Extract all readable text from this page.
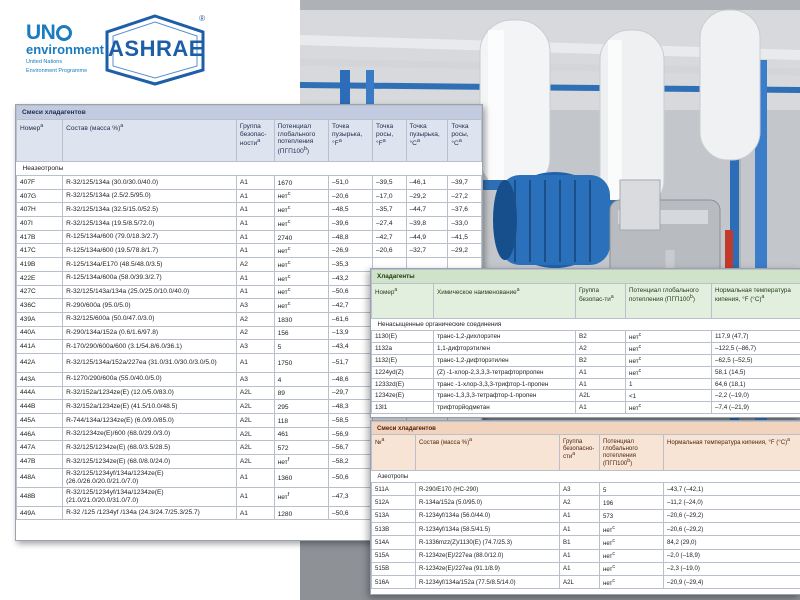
UN
environment
United Nations
Environment Programme
ASHRAE
®
Смеси хладагентов							
Номер$^a$	Состав (масса %)$^a$	Группа безопас-ности$^a$	Потенциал глобального потепления (ПГП100$^b$)	Точка пузырька, $^\circ F^a$	Точка росы, $^\circ F^a$	Точка пузырька, $^\circ C^a$	Точка росы, $^\circ C^a$
Неазеотропы							
407F	R-32/125/134a (30.0/30.0/40.0)	A1	1670	–51,0	–39,5	–46,1	–39,7
407G	R-32/125/134a (2.5/2.5/95.0)	A1	нет$^c$	–20,6	–17,0	–29,2	–27,2
407H	R-32/125/134a (32.5/15.0/52.5)	A1	нет$^c$	–48,5	–35,7	–44,7	–37,6
407I	R-32/125/134a (19.5/8.5/72.0)	A1	нет$^c$	–39,6	–27,4	–39,8	–33,0
417B	R-125/134a/600 (79.0/18.3/2.7)	A1	2740	–48,8	–42,7	–44,9	–41,5
417C	R-125/134a/600 (19.5/78.8/1.7)	A1	нет$^c$	–26,9	–20,6	–32,7	–29,2
419B	R-125/134a/E170 (48.5/48.0/3.5)	A2	нет$^c$	–35,3			
422E	R-125/134a/600a (58.0/39.3/2.7)	A1	нет$^c$	–43,2			
427C	R-32/125/143a/134a (25.0/25.0/10.0/40.0)	A1	нет$^c$	–50,6			
436C	R-290/600a (95.0/5.0)	A3	нет$^c$	–42,7			
439A	R-32/125/600a (50.0/47.0/3.0)	A2	1830	–61,6			
440A	R-290/134a/152a (0.6/1.6/97.8)	A2	156	–13,9			
441A	R-170/290/600a/600 (3.1/54.8/6.0/36.1)	A3	5	–43,4			
442A	R-32/125/134a/152a/227ea (31.0/31.0/30.0/3.0/5.0)	A1	1750	–51,7			
443A	R-1270/290/600a (55.0/40.0/5.0)	A3	4	–48,6			
444A	R-32/152a/1234ze(E) (12.0/5.0/83.0)	A2L	89	–29,7			
444B	R-32/152a/1234ze(E) (41.5/10.0/48.5)	A2L	295	–48,3			
445A	R-744/134a/1234ze(E) (6.0/9.0/85.0)	A2L	118	–58,5			
446A	R-32/1234ze(E)/600 (68.0/29.0/3.0)	A2L	461	–56,9			
447A	R-32/125/1234ze(E) (68.0/3.5/28.5)	A2L	572	–56,7			
447B	R-32/125/1234ze(E) (68.0/8.0/24.0)	A2L	нет$^f$	–58,2			
448A	R-32/125/1234yf/134a/1234ze(E) (26.0/26.0/20.0/21.0/7.0)	A1	1360	–50,6			
448B	R-32/125/1234yf/134a/1234ze(E) (21.0/21.0/20.0/31.0/7.0)	A1	нет$^f$	–47,3			
449A	R-32 /125 /1234yf /134a (24.3/24.7/25.3/25.7)	A1	1280	–50,6			
Хладагенты				
Номер$^a$	Химическое наименование$^a$	Группа безопас-$ти^a$	Потенциал глобального потепления (ПГП100$^b$)	Нормальная температура кипения, °F $(^\circ C)^a$
Ненасыщенные органические соединения				
1130(E)	транс-1,2-дихлорэтен	B2	нет$^c$	117,9 (47,7)
1132a	1,1-дифторэтилен	A2	нет$^c$	–122,5 (–86,7)
1132(E)	транс-1,2-дифторэтилен	B2	нет$^c$	–62,5 (–52,5)
1224yd(Z)	(Z) -1-хлор-2,3,3,3-тетрафторпропен	A1	нет$^c$	58,1 (14,5)
1233zd(E)	транс -1-хлор-3,3,3-трифтор-1-пропен	A1	1	64,6 (18,1)
1234ze(E)	транс-1,3,3,3-тетрафтор-1-пропен	A2L	<1	–2,2 (–19,0)
13I1	трифторйодметан	A1	нет$^c$	–7,4 (–21,9)
Смеси хладагентов				
№$^a$	Состав (масса %)$^a$	Группа безопасно-сти$^a$	Потенциал глобального потепления (ПГП100$^b$)	Нормальная температура кипения, °F $(^\circ C)^a$
Азеотропы				
511A	R-290/E170 (HC-290)	A3	5	–43,7 (–42,1)
512A	R-134a/152a (5.0/95.0)	A2	196	–11,2 (–24,0)
513A	R-1234yf/134a (56.0/44.0)	A1	573	–20,6 (–29,2)
513B	R-1234yf/134a (58.5/41.5)	A1	нет$^c$	–20,6 (–29,2)
514A	R-1336mzz(Z)/1130(E) (74.7/25.3)	B1	нет$^c$	84,2 (29,0)
515A	R-1234ze(E)/227ea (88.0/12.0)	A1	нет$^c$	–2,0 (–18,9)
515B	R-1234ze(E)/227ea (91.1/8.9)	A1	нет$^c$	–2,3 (–19,0)
516A	R-1234yf/134a/152a (77.5/8.5/14.0)	A2L	нет$^c$	–20,9 (–29,4)
